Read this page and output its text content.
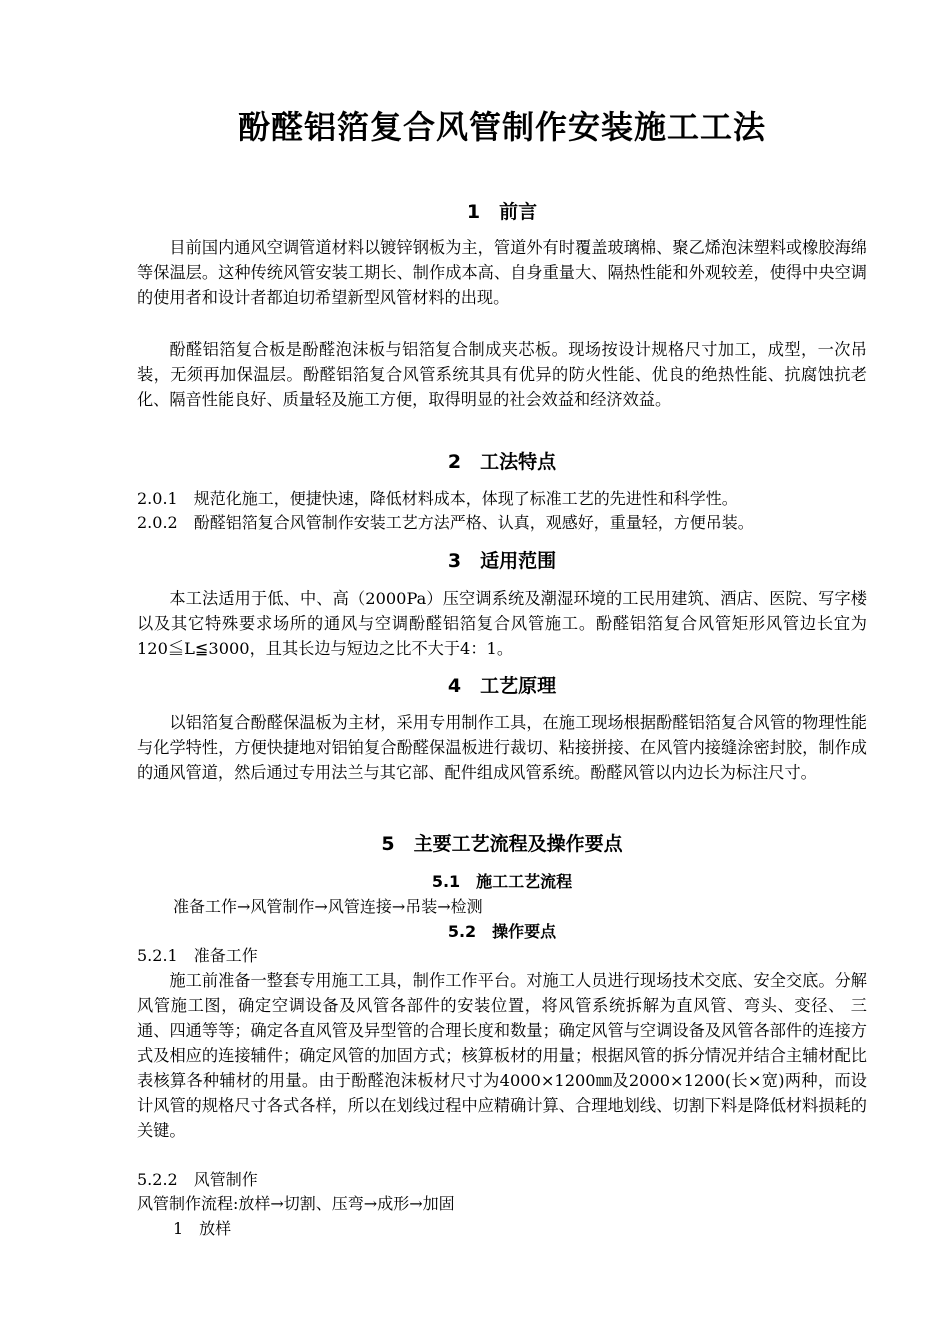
酚醛铝箔复合风管制作安装施工工法
1　前言

目前国内通风空调管道材料以镀锌钢板为主，管道外有时覆盖玻璃棉、聚乙烯泡沫塑料或橡胶海绵等保温层。这种传统风管安装工期长、制作成本高、自身重量大、隔热性能和外观较差，使得中央空调的使用者和设计者都迫切希望新型风管材料的出现。

酚醛铝箔复合板是酚醛泡沫板与铝箔复合制成夹芯板。现场按设计规格尺寸加工，成型，一次吊装，无须再加保温层。酚醛铝箔复合风管系统其具有优异的防火性能、优良的绝热性能、抗腐蚀抗老化、隔音性能良好、质量轻及施工方便，取得明显的社会效益和经济效益。

2　工法特点

2.0.1　规范化施工，便捷快速，降低材料成本，体现了标准工艺的先进性和科学性。

2.0.2　酚醛铝箔复合风管制作安装工艺方法严格、认真，观感好，重量轻，方便吊装。

3　适用范围

本工法适用于低、中、高（2000Pa）压空调系统及潮湿环境的工民用建筑、酒店、医院、写字楼以及其它特殊要求场所的通风与空调酚醛铝箔复合风管施工。酚醛铝箔复合风管矩形风管边长宜为120≦L≦3000，且其长边与短边之比不大于4：1。

4　工艺原理

以铝箔复合酚醛保温板为主材，采用专用制作工具，在施工现场根据酚醛铝箔复合风管的物理性能与化学特性，方便快捷地对铝铂复合酚醛保温板进行裁切、粘接拼接、在风管内接缝涂密封胶，制作成的通风管道，然后通过专用法兰与其它部、配件组成风管系统。酚醛风管以内边长为标注尺寸。

5　主要工艺流程及操作要点
5.1　施工工艺流程

准备工作→风管制作→风管连接→吊装→检测

5.2　操作要点

5.2.1　准备工作

施工前准备一整套专用施工工具，制作工作平台。对施工人员进行现场技术交底、安全交底。分解风管施工图，确定空调设备及风管各部件的安装位置，将风管系统拆解为直风管、弯头、变径、 三通、四通等等；确定各直风管及异型管的合理长度和数量；确定风管与空调设备及风管各部件的连接方式及相应的连接辅件；确定风管的加固方式；核算板材的用量；根据风管的拆分情况并结合主辅材配比表核算各种辅材的用量。由于酚醛泡沫板材尺寸为4000×1200㎜及2000×1200(长×宽)两种，而设计风管的规格尺寸各式各样，所以在划线过程中应精确计算、合理地划线、切割下料是降低材料损耗的关键。

5.2.2　风管制作

风管制作流程:放样→切割、压弯→成形→加固

1　放样
